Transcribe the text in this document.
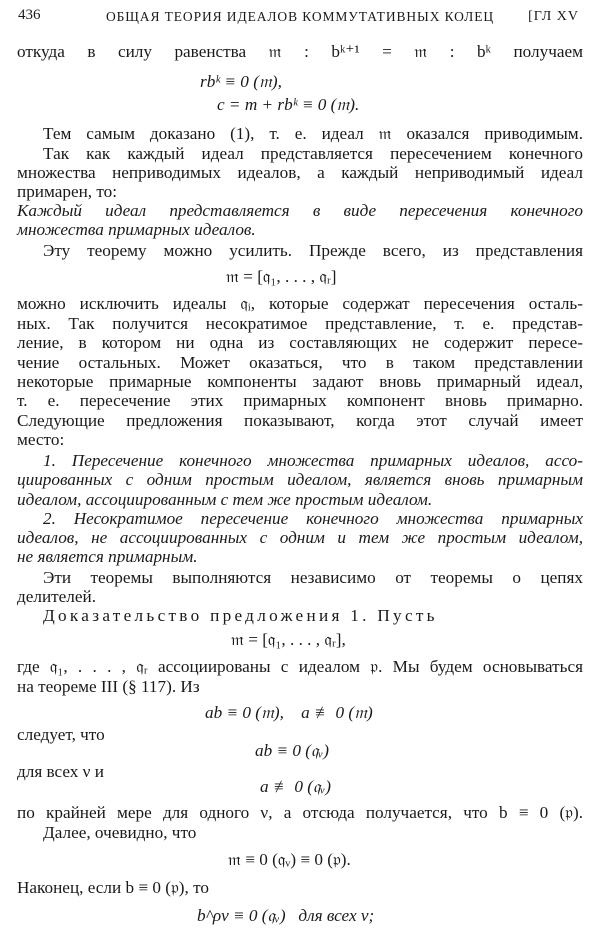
436	ОБЩАЯ ТЕОРИЯ ИДЕАЛОВ КОММУТАТИВНЫХ КОЛЕЦ	[ГЛ XV
откуда в силу равенства 𝔪 : bᵏ⁺¹ = 𝔪 : bᵏ получаем
rbᵏ ≡ 0 (𝔪),
c = m + rbᵏ ≡ 0 (𝔪).
Тем самым доказано (1), т. е. идеал 𝔪 оказался приводимым.
Так как каждый идеал представляется пересечением конечного
множества неприводимых идеалов, а каждый неприводимый идеал
примарен, то:
Каждый идеал представляется в виде пересечения конечного
множества примарных идеалов.
Эту теорему можно усилить. Прежде всего, из представления
𝔪 = [𝔮₁, . . . , 𝔮ᵣ]
можно исключить идеалы 𝔮ᵢ, которые содержат пересечения осталь-
ных. Так получится несократимое представление, т. е. представ-
ление, в котором ни одна из составляющих не содержит пересе-
чение остальных. Может оказаться, что в таком представлении
некоторые примарные компоненты задают вновь примарный идеал,
т. е. пересечение этих примарных компонент вновь примарно.
Следующие предложения показывают, когда этот случай имеет
место:
1. Пересечение конечного множества примарных идеалов, ассо-
циированных с одним простым идеалом, является вновь примарным
идеалом, ассоциированным с тем же простым идеалом.
2. Несократимое пересечение конечного множества примарных
идеалов, не ассоциированных с одним и тем же простым идеалом,
не является примарным.
Эти теоремы выполняются независимо от теоремы о цепях
делителей.
Доказательство предложения 1. Пусть
𝔪 = [𝔮₁, . . . , 𝔮ᵣ],
где 𝔮₁, . . . , 𝔮ᵣ ассоциированы с идеалом 𝔭. Мы будем основываться
на теореме III (§ 117). Из
ab ≡ 0 (𝔪),    a ≢ 0 (𝔪)
следует, что
ab ≡ 0 (𝔮ᵥ)
для всех ν и
a ≢ 0 (𝔮ᵥ)
по крайней мере для одного ν, а отсюда получается, что b ≡ 0 (𝔭).
Далее, очевидно, что
𝔪 ≡ 0 (𝔮ᵥ) ≡ 0 (𝔭).
Наконец, если b ≡ 0 (𝔭), то
b^ρν ≡ 0 (𝔮ᵥ)   для всех ν;
